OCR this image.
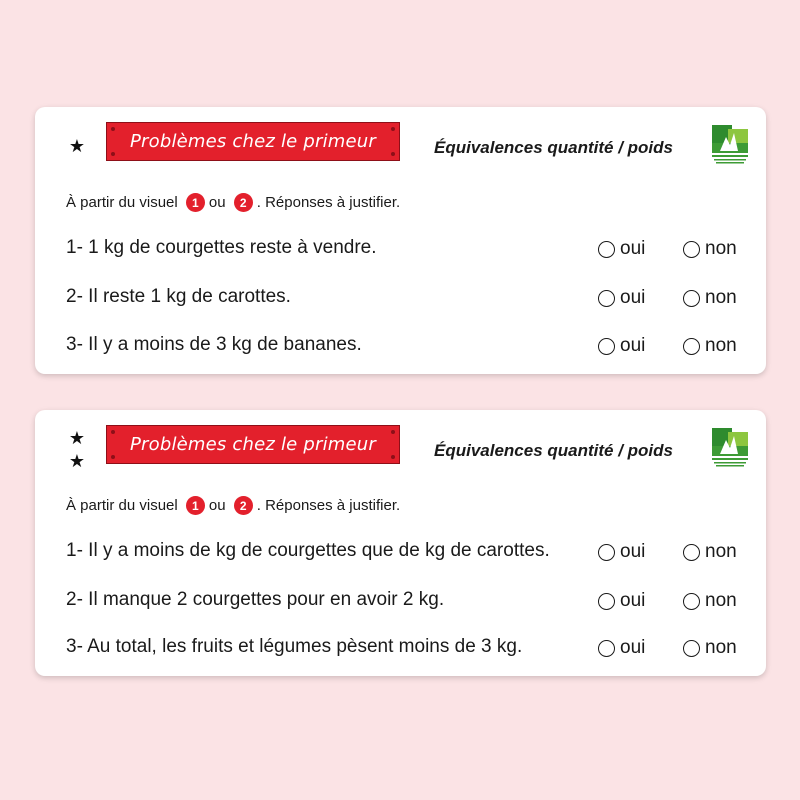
★ Problèmes chez le primeur	Équivalences quantité / poids
À partir du visuel
	1 ou
	2 . Réponses à justifier.
1- 1 kg de courgettes reste à vendre.	oui	non
2- Il reste 1 kg de carottes.	oui	non
3- Il y a moins de 3 kg de bananes.	oui	non
★
★
Problèmes chez le primeur	Équivalences quantité / poids
À partir du visuel
	1 ou
	2 . Réponses à justifier.
1- Il y a moins de kg de courgettes que de kg de carottes.	oui	non
2- Il manque 2 courgettes pour en avoir 2 kg.	oui	non
3- Au total, les fruits et légumes pèsent moins de 3 kg.	oui	non
